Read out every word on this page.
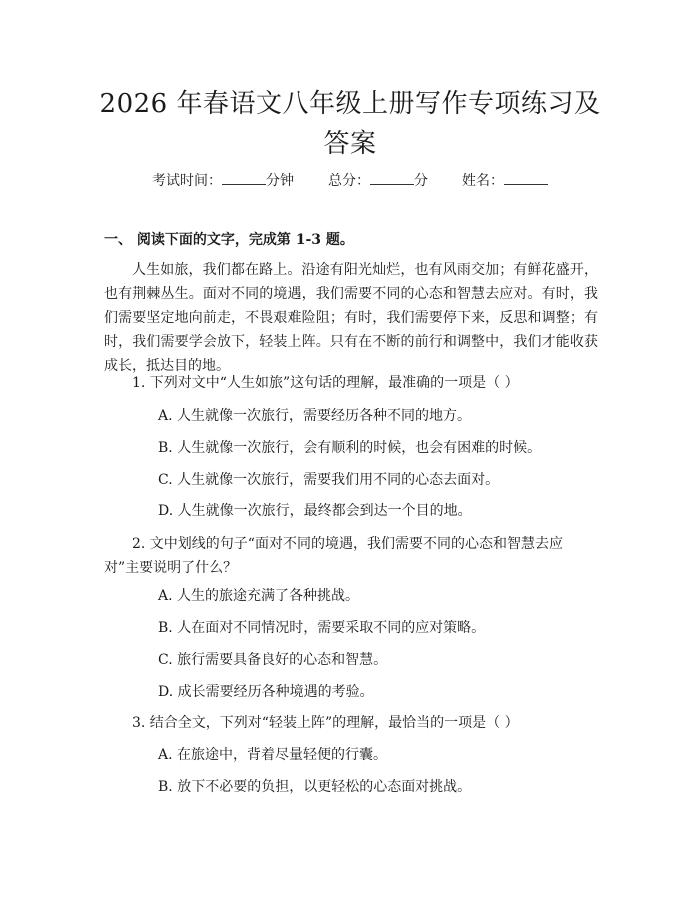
2026 年春语文八年级上册写作专项练习及答案
考试时间：	分钟 总分：	分 姓名：
一、 阅读下面的文字，完成第 1-3 题。
人生如旅，我们都在路上。沿途有阳光灿烂，也有风雨交加；有鲜花盛开，也有荆棘丛生。面对不同的境遇，我们需要不同的心态和智慧去应对。有时，我们需要坚定地向前走，不畏艰难险阻；有时，我们需要停下来，反思和调整；有时，我们需要学会放下，轻装上阵。只有在不断的前行和调整中，我们才能收获成长，抵达目的地。
1. 下列对文中“人生如旅”这句话的理解，最准确的一项是（ ）
A. 人生就像一次旅行，需要经历各种不同的地方。
B. 人生就像一次旅行，会有顺利的时候，也会有困难的时候。
C. 人生就像一次旅行，需要我们用不同的心态去面对。
D. 人生就像一次旅行，最终都会到达一个目的地。
2. 文中划线的句子“面对不同的境遇，我们需要不同的心态和智慧去应对”主要说明了什么？
A. 人生的旅途充满了各种挑战。
B. 人在面对不同情况时，需要采取不同的应对策略。
C. 旅行需要具备良好的心态和智慧。
D. 成长需要经历各种境遇的考验。
3. 结合全文，下列对“轻装上阵”的理解，最恰当的一项是（ ）
A. 在旅途中，背着尽量轻便的行囊。
B. 放下不必要的负担，以更轻松的心态面对挑战。
